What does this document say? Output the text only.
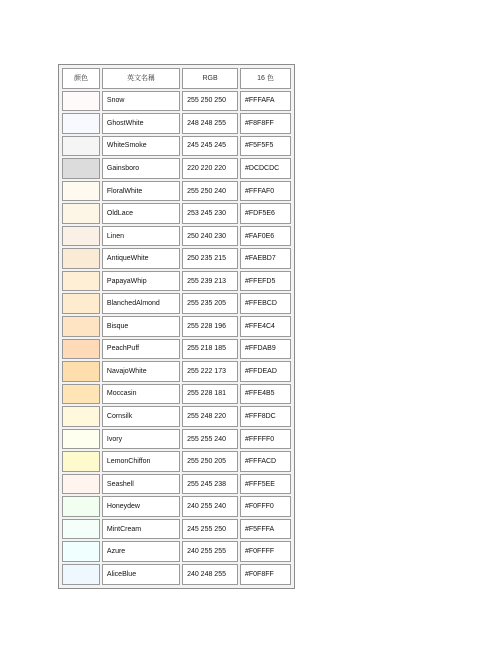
颜色	英文名稱	RGB	16 色
	Snow	255 250 250	#FFFAFA
	GhostWhite	248 248 255	#F8F8FF
	WhiteSmoke	245 245 245	#F5F5F5
	Gainsboro	220 220 220	#DCDCDC
	FloralWhite	255 250 240	#FFFAF0
	OldLace	253 245 230	#FDF5E6
	Linen	250 240 230	#FAF0E6
	AntiqueWhite	250 235 215	#FAEBD7
	PapayaWhip	255 239 213	#FFEFD5
	BlanchedAlmond	255 235 205	#FFEBCD
	Bisque	255 228 196	#FFE4C4
	PeachPuff	255 218 185	#FFDAB9
	NavajoWhite	255 222 173	#FFDEAD
	Moccasin	255 228 181	#FFE4B5
	Cornsilk	255 248 220	#FFF8DC
	Ivory	255 255 240	#FFFFF0
	LemonChiffon	255 250 205	#FFFACD
	Seashell	255 245 238	#FFF5EE
	Honeydew	240 255 240	#F0FFF0
	MintCream	245 255 250	#F5FFFA
	Azure	240 255 255	#F0FFFF
	AliceBlue	240 248 255	#F0F8FF
